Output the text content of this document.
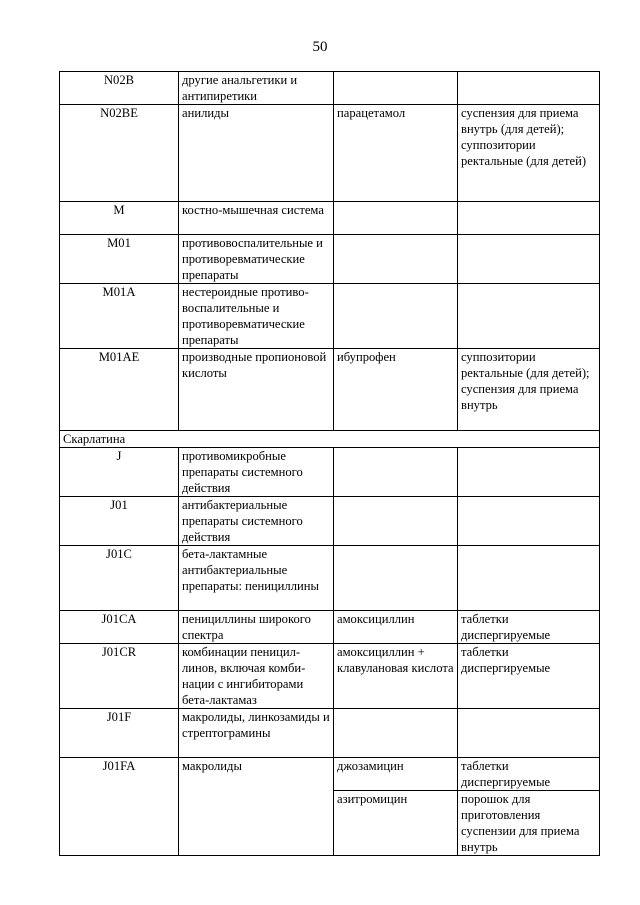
50
N02B	другие анальгетики и антипиретики		
N02BE	анилиды	парацетамол	суспензия для приема внутрь (для детей); суппозитории ректальные (для детей)
M	костно-мышечная система		
M01	противовоспалительные и противоревматические препараты		
M01A	нестероидные противо-воспалительные и противоревматические препараты		
M01AE	производные пропионовой кислоты	ибупрофен	суппозитории ректальные (для детей); суспензия для приема внутрь
Скарлатина			
J	противомикробные препараты системного действия		
J01	антибактериальные препараты системного действия		
J01C	бета-лактамные антибактериальные препараты: пенициллины		
J01CA	пенициллины широкого спектра	амоксициллин	таблетки диспергируемые
J01CR	комбинации пеницил-линов, включая комби-нации с ингибиторами бета-лактамаз	амоксициллин + клавулановая кислота	таблетки диспергируемые
J01F	макролиды, линкозамиды и стрептограмины		
J01FA	макролиды	джозамицин	таблетки диспергируемые
		азитромицин	порошок для приготовления суспензии для приема внутрь
